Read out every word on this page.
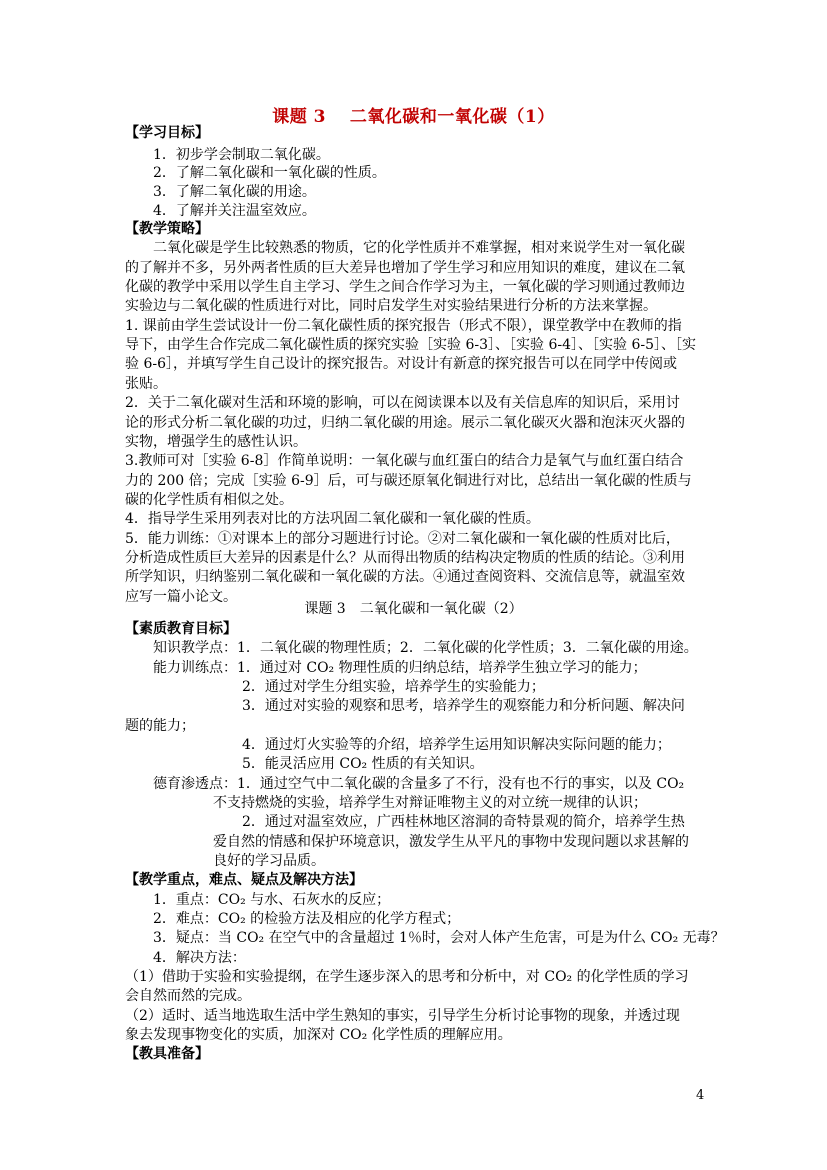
课题 3　 二氧化碳和一氧化碳（1）
【学习目标】
1．初步学会制取二氧化碳。
2．了解二氧化碳和一氧化碳的性质。
3．了解二氧化碳的用途。
4．了解并关注温室效应。
【教学策略】
二氧化碳是学生比较熟悉的物质，它的化学性质并不难掌握，相对来说学生对一氧化碳
的了解并不多，另外两者性质的巨大差异也增加了学生学习和应用知识的难度，建议在二氧
化碳的教学中采用以学生自主学习、学生之间合作学习为主，一氧化碳的学习则通过教师边
实验边与二氧化碳的性质进行对比，同时启发学生对实验结果进行分析的方法来掌握。
1. 课前由学生尝试设计一份二氧化碳性质的探究报告（形式不限），课堂教学中在教师的指
导下，由学生合作完成二氧化碳性质的探究实验［实验 6-3］、［实验 6-4］、［实验 6-5］、［实
验 6-6］，并填写学生自己设计的探究报告。对设计有新意的探究报告可以在同学中传阅或
张贴。
2．关于二氧化碳对生活和环境的影响，可以在阅读课本以及有关信息库的知识后，采用讨
论的形式分析二氧化碳的功过，归纳二氧化碳的用途。展示二氧化碳灭火器和泡沫灭火器的
实物，增强学生的感性认识。
3.教师可对［实验 6-8］作简单说明：一氧化碳与血红蛋白的结合力是氧气与血红蛋白结合
力的 200 倍；完成［实验 6-9］后，可与碳还原氧化铜进行对比，总结出一氧化碳的性质与
碳的化学性质有相似之处。
4．指导学生采用列表对比的方法巩固二氧化碳和一氧化碳的性质。
5．能力训练：①对课本上的部分习题进行讨论。②对二氧化碳和一氧化碳的性质对比后，
分析造成性质巨大差异的因素是什么？从而得出物质的结构决定物质的性质的结论。③利用
所学知识，归纳鉴别二氧化碳和一氧化碳的方法。④通过查阅资料、交流信息等，就温室效
应写一篇小论文。
课题 3　二氧化碳和一氧化碳（2）
【素质教育目标】
知识教学点：1．二氧化碳的物理性质；2．二氧化碳的化学性质；3．二氧化碳的用途。
能力训练点：1．通过对 CO₂ 物理性质的归纳总结，培养学生独立学习的能力；
2．通过对学生分组实验，培养学生的实验能力；
3．通过对实验的观察和思考，培养学生的观察能力和分析问题、解决问
题的能力；
4．通过灯火实验等的介绍，培养学生运用知识解决实际问题的能力；
5．能灵活应用 CO₂ 性质的有关知识。
德育渗透点：1．通过空气中二氧化碳的含量多了不行，没有也不行的事实，以及 CO₂
不支持燃烧的实验，培养学生对辩证唯物主义的对立统一规律的认识；
2．通过对温室效应，广西桂林地区溶洞的奇特景观的简介，培养学生热
爱自然的情感和保护环境意识，激发学生从平凡的事物中发现问题以求甚解的
良好的学习品质。
【教学重点，难点、疑点及解决方法】
1．重点：CO₂ 与水、石灰水的反应；
2．难点：CO₂ 的检验方法及相应的化学方程式；
3．疑点：当 CO₂ 在空气中的含量超过 1％时，会对人体产生危害，可是为什么 CO₂ 无毒？
4．解决方法：
（1）借助于实验和实验提纲，在学生逐步深入的思考和分析中，对 CO₂ 的化学性质的学习
会自然而然的完成。
（2）适时、适当地选取生活中学生熟知的事实，引导学生分析讨论事物的现象，并透过现
象去发现事物变化的实质，加深对 CO₂ 化学性质的理解应用。
【教具准备】
4
